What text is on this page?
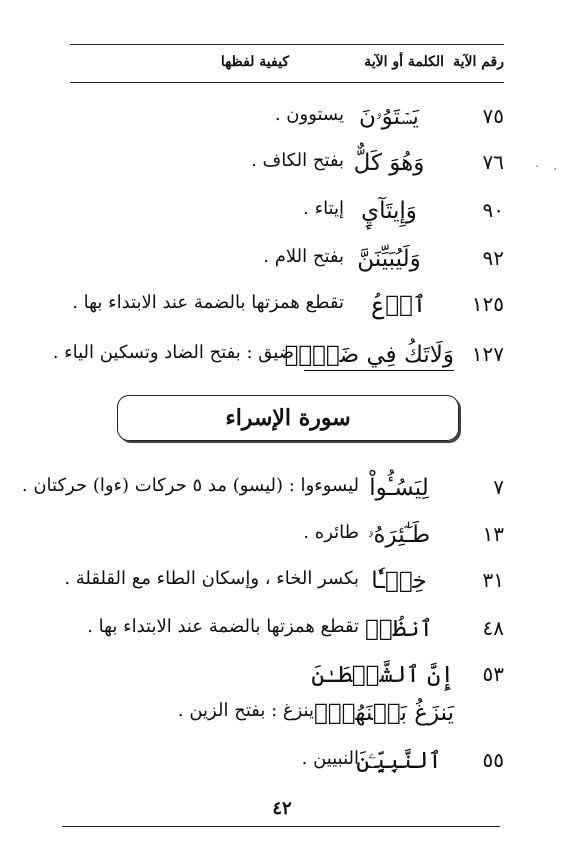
رقم الآية
الكلمة أو الآية
كيفية لفظها
٧٥
يَسۡتَوُۥنَ
يستوون .
٧٦
وَهُوَ كَلٌّ
بفتح الكاف .
٩٠
وَإِيتَآيِٕ
إيتاء .
٩٢
وَلَيُبَيِّنَنَّ
بفتح اللام .
١٢٥
ٱدۡعُ
تقطع همزتها بالضمة عند الابتداء بها .
١٢٧
وَلَاتَكُ فِي ضَيۡقٖ
ضيق : بفتح الضاد وتسكين الياء .
سورة الإسراء
٧
لِيَسُـُٔواْ
ليسوءوا : (ليسو) مد ٥ حركات (ءوا) حركتان .
١٣
طَـٰٓئِرَهُۥ
طائره .
٣١
خِطۡـٔٗا
بكسر الخاء ، وإسكان الطاء مع القلقلة .
٤٨
ٱنظُرۡ
تقطع همزتها بالضمة عند الابتداء بها .
٥٣
إِنَّ ٱلشَّيۡطَـٰنَ
يَنزَغُ بَيۡنَهُمۡۚ
ينزغ : بفتح الزين .
٥٥
ٱلنَّبِيِّـۧنَ
النبيين .
٤٢
